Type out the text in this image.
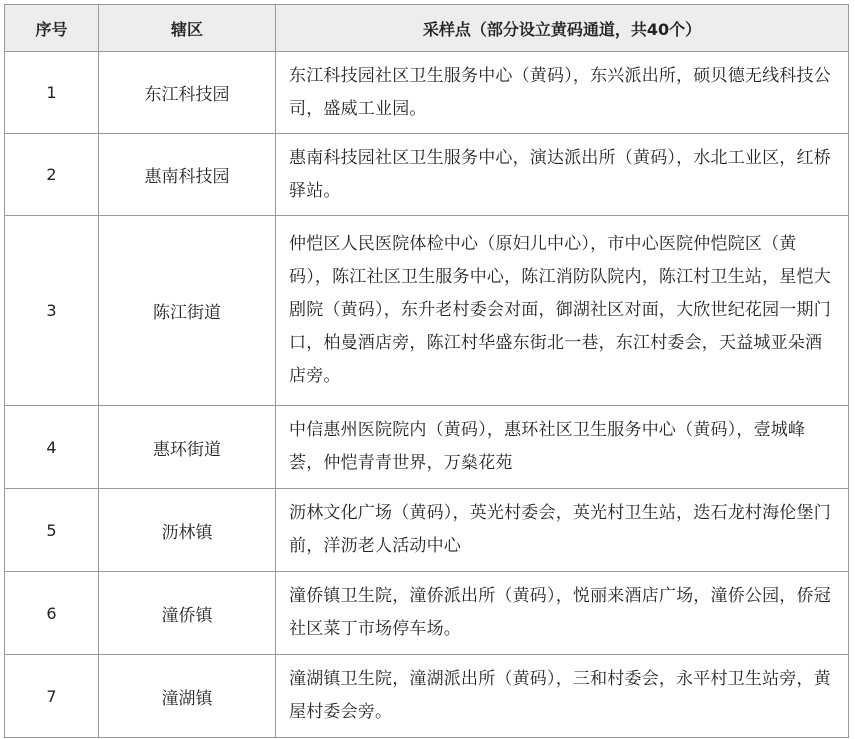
序号	辖区	采样点（部分设立黄码通道，共40个）
1	东江科技园	东江科技园社区卫生服务中心（黄码），东兴派出所，硕贝德无线科技公司，盛威工业园。
2	惠南科技园	惠南科技园社区卫生服务中心，演达派出所（黄码），水北工业区，红桥驿站。
3	陈江街道	仲恺区人民医院体检中心（原妇儿中心），市中心医院仲恺院区（黄码），陈江社区卫生服务中心，陈江消防队院内，陈江村卫生站，星恺大剧院（黄码），东升老村委会对面，御湖社区对面，大欣世纪花园一期门口，柏曼酒店旁，陈江村华盛东街北一巷，东江村委会，天益城亚朵酒店旁。
4	惠环街道	中信惠州医院院内（黄码），惠环社区卫生服务中心（黄码），壹城峰荟，仲恺青青世界，万燊花苑
5	沥林镇	沥林文化广场（黄码），英光村委会，英光村卫生站，迭石龙村海伦堡门前，洋沥老人活动中心
6	潼侨镇	潼侨镇卫生院，潼侨派出所（黄码），悦丽来酒店广场，潼侨公园，侨冠社区菜丁市场停车场。
7	潼湖镇	潼湖镇卫生院，潼湖派出所（黄码），三和村委会，永平村卫生站旁，黄屋村委会旁。
